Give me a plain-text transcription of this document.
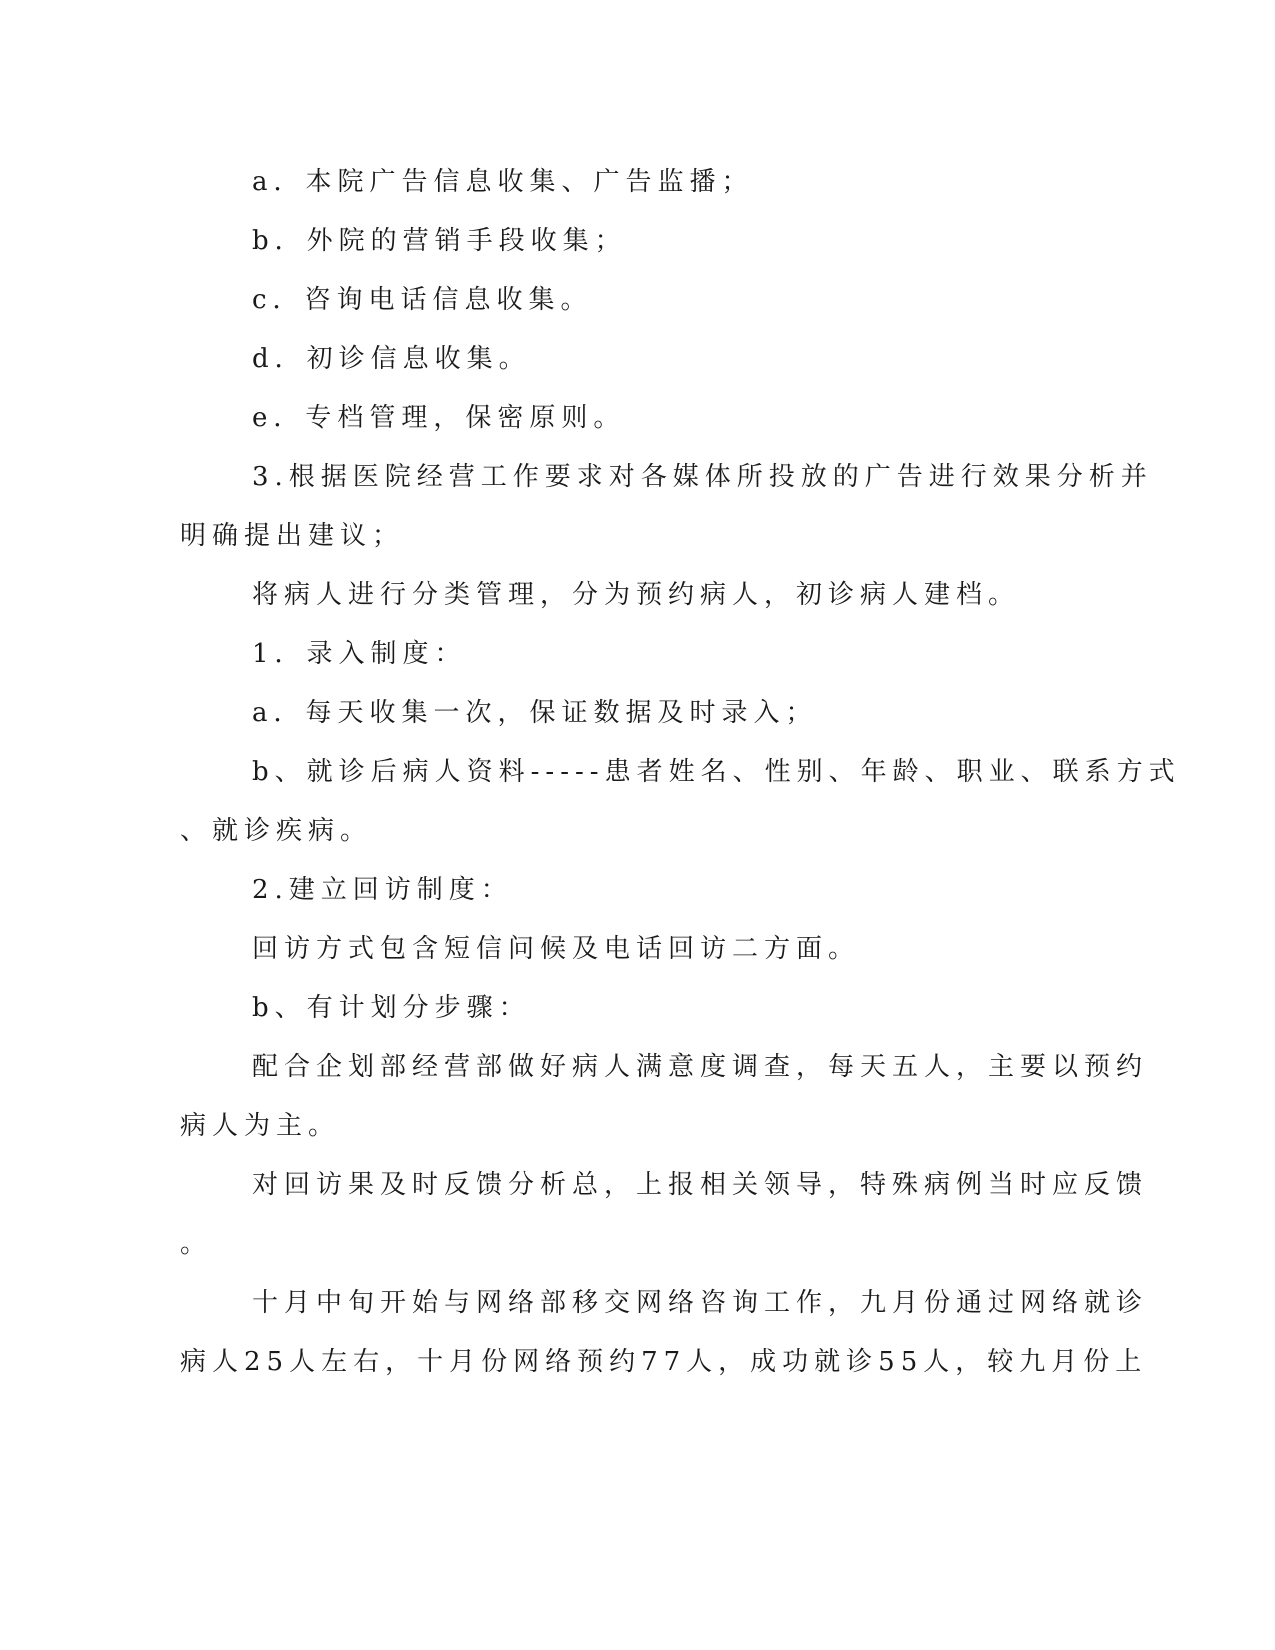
a．本院广告信息收集、广告监播；
b．外院的营销手段收集；
c．咨询电话信息收集。
d．初诊信息收集。
e．专档管理，保密原则。
3.根据医院经营工作要求对各媒体所投放的广告进行效果分析并
明确提出建议；
将病人进行分类管理，分为预约病人，初诊病人建档。
1．录入制度：
a．每天收集一次，保证数据及时录入；
b、就诊后病人资料-----患者姓名、性别、年龄、职业、联系方式
、就诊疾病。
2.建立回访制度：
回访方式包含短信问候及电话回访二方面。
b、有计划分步骤：
配合企划部经营部做好病人满意度调查，每天五人，主要以预约
病人为主。
对回访果及时反馈分析总，上报相关领导，特殊病例当时应反馈
。
十月中旬开始与网络部移交网络咨询工作，九月份通过网络就诊
病人25人左右，十月份网络预约77人，成功就诊55人，较九月份上
